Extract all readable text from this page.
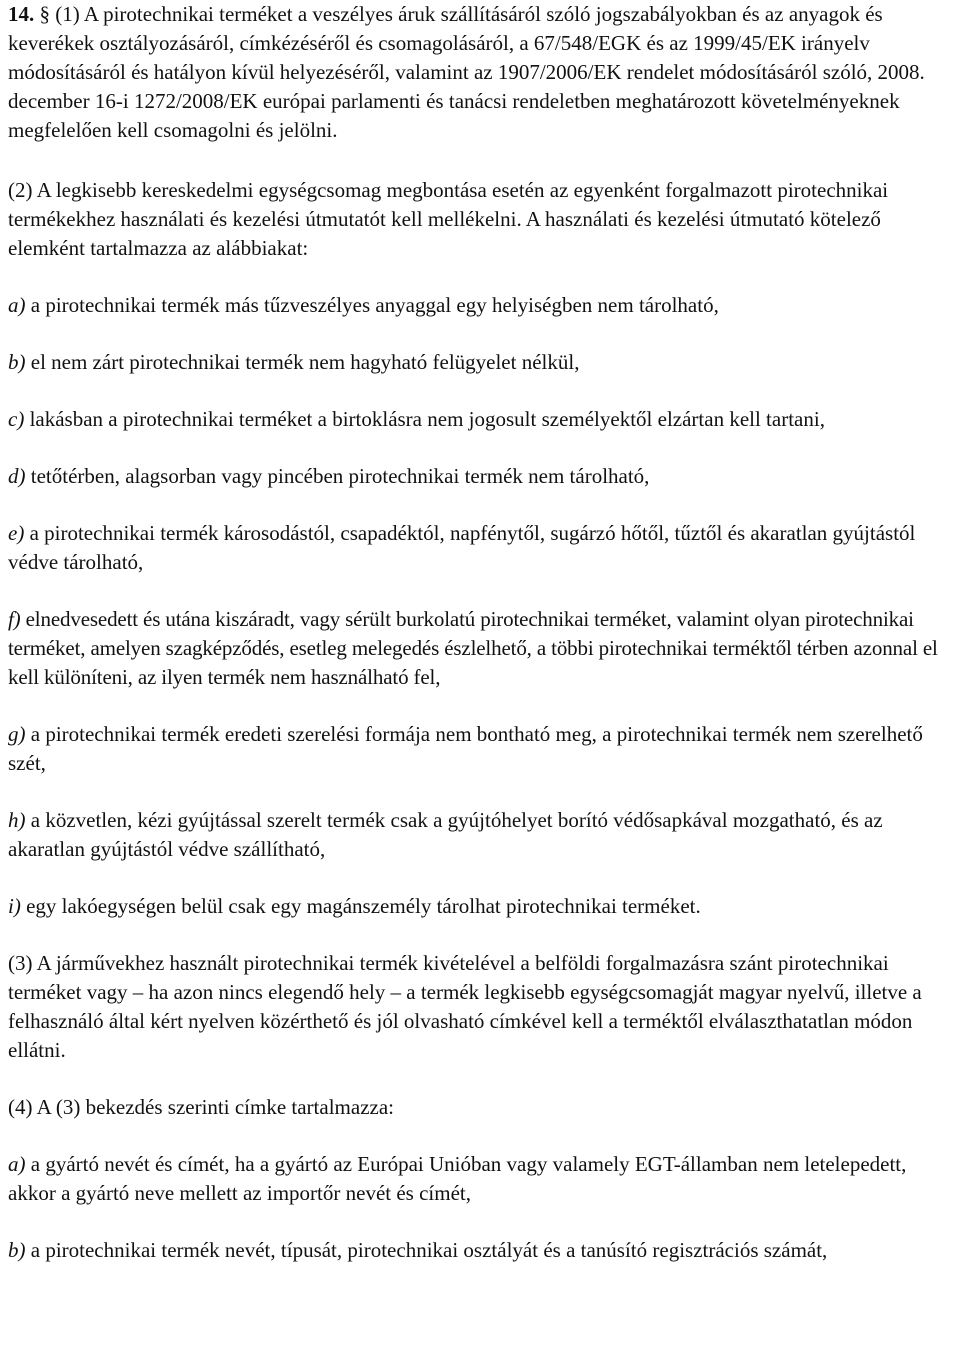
14. § (1) A pirotechnikai terméket a veszélyes áruk szállításáról szóló jogszabályokban és az anyagok és keverékek osztályozásáról, címkézéséről és csomagolásáról, a 67/548/EGK és az 1999/45/EK irányelv módosításáról és hatályon kívül helyezéséről, valamint az 1907/2006/EK rendelet módosításáról szóló, 2008. december 16-i 1272/2008/EK európai parlamenti és tanácsi rendeletben meghatározott követelményeknek megfelelően kell csomagolni és jelölni.

(2) A legkisebb kereskedelmi egységcsomag megbontása esetén az egyenként forgalmazott pirotechnikai termékekhez használati és kezelési útmutatót kell mellékelni. A használati és kezelési útmutató kötelező elemként tartalmazza az alábbiakat:

a) a pirotechnikai termék más tűzveszélyes anyaggal egy helyiségben nem tárolható,

b) el nem zárt pirotechnikai termék nem hagyható felügyelet nélkül,

c) lakásban a pirotechnikai terméket a birtoklásra nem jogosult személyektől elzártan kell tartani,

d) tetőtérben, alagsorban vagy pincében pirotechnikai termék nem tárolható,

e) a pirotechnikai termék károsodástól, csapadéktól, napfénytől, sugárzó hőtől, tűztől és akaratlan gyújtástól védve tárolható,

f) elnedvesedett és utána kiszáradt, vagy sérült burkolatú pirotechnikai terméket, valamint olyan pirotechnikai terméket, amelyen szagképződés, esetleg melegedés észlelhető, a többi pirotechnikai terméktől térben azonnal el kell különíteni, az ilyen termék nem használható fel,

g) a pirotechnikai termék eredeti szerelési formája nem bontható meg, a pirotechnikai termék nem szerelhető szét,

h) a közvetlen, kézi gyújtással szerelt termék csak a gyújtóhelyet borító védősapkával mozgatható, és az akaratlan gyújtástól védve szállítható,

i) egy lakóegységen belül csak egy magánszemély tárolhat pirotechnikai terméket.

(3) A járművekhez használt pirotechnikai termék kivételével a belföldi forgalmazásra szánt pirotechnikai terméket vagy – ha azon nincs elegendő hely – a termék legkisebb egységcsomagját magyar nyelvű, illetve a felhasználó által kért nyelven közérthető és jól olvasható címkével kell a terméktől elválaszthatatlan módon ellátni.

(4) A (3) bekezdés szerinti címke tartalmazza:

a) a gyártó nevét és címét, ha a gyártó az Európai Unióban vagy valamely EGT-államban nem letelepedett, akkor a gyártó neve mellett az importőr nevét és címét,

b) a pirotechnikai termék nevét, típusát, pirotechnikai osztályát és a tanúsító regisztrációs számát,
